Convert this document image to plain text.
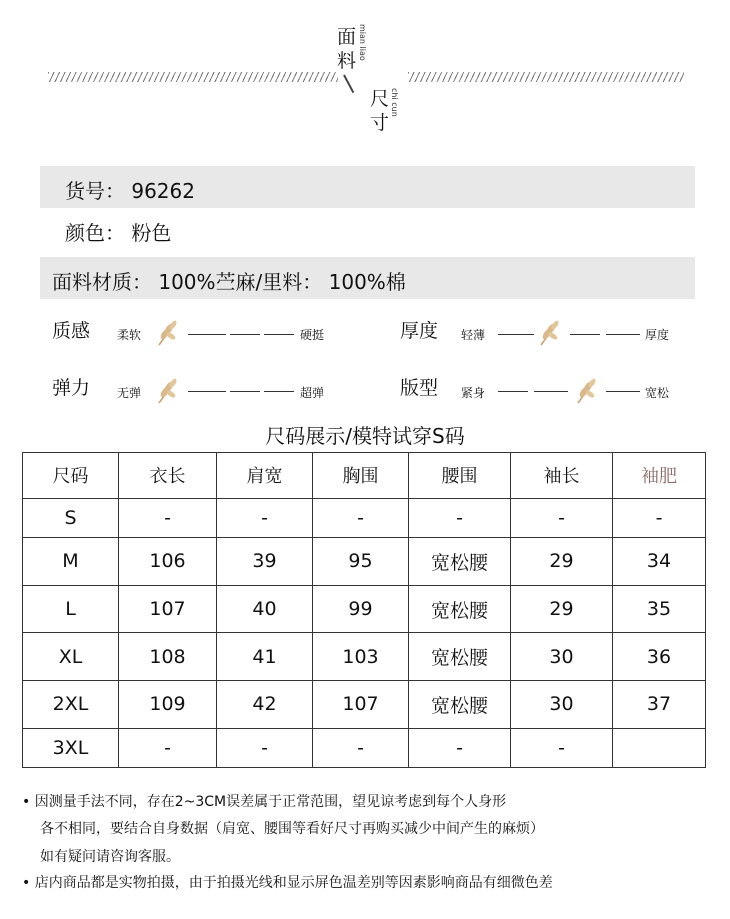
面
料
mian liao
尺
寸
chi cun
货号： 96262
颜色： 粉色
面料材质： 100%苎麻/里料： 100%棉
质感 柔软	硬挺	厚度 轻薄	厚度
弹力 无弹	超弹	版型 紧身	宽松
尺码展示/模特试穿S码
尺码	衣长	肩宽	胸围	腰围	袖长	袖肥
S	-	-	-	-	-	-
M	106	39	95	宽松腰	29	34
L	107	40	99	宽松腰	29	35
XL	108	41	103	宽松腰	30	36
2XL	109	42	107	宽松腰	30	37
3XL	-	-	-	-	-	
• 因测量手法不同，存在2~3CM误差属于正常范围，望见谅考虑到每个人身形
各不相同，要结合自身数据（肩宽、腰围等看好尺寸再购买减少中间产生的麻烦）
如有疑问请咨询客服。
• 店内商品都是实物拍摄，由于拍摄光线和显示屏色温差别等因素影响商品有细微色差
